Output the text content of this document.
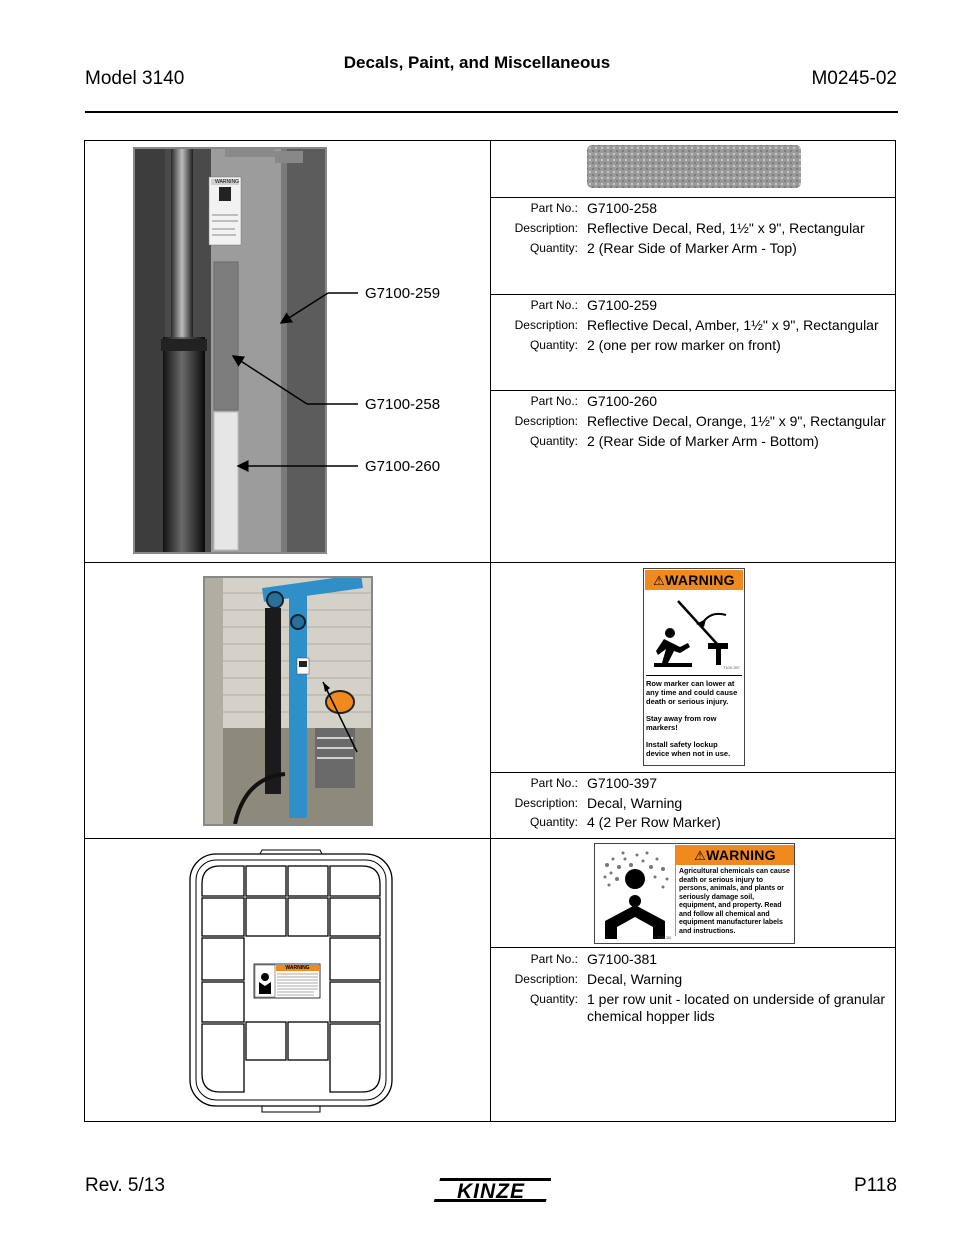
Model 3140
Decals, Paint, and Miscellaneous
M0245-02
WARNING
G7100-259
G7100-258
G7100-260
Part No.: G7100-258
Description: Reflective Decal, Red, 1½" x 9", Rectangular
Quantity: 2 (Rear Side of Marker Arm - Top)
Part No.: G7100-259
Description: Reflective Decal, Amber, 1½" x 9", Rectangular
Quantity: 2 (one per row marker on front)
Part No.: G7100-260
Description: Reflective Decal, Orange, 1½" x 9", Rectangular
Quantity: 2 (Rear Side of Marker Arm - Bottom)
⚠WARNING
7100-397
Row marker can lower at any time and could cause death or serious injury.
Stay away from row markers!
Install safety lockup device when not in use.
Part No.: G7100-397
Description: Decal, Warning
Quantity: 4 (2 Per Row Marker)
WARNING
7100-381
⚠WARNING
Agricultural chemicals can cause death or serious injury to persons, animals, and plants or seriously damage soil, equipment, and property. Read and follow all chemical and equipment manufacturer labels and instructions.
Part No.: G7100-381
Description: Decal, Warning
Quantity: 1 per row unit - located on underside of granular chemical hopper lids
Rev. 5/13	KINZE	P118
